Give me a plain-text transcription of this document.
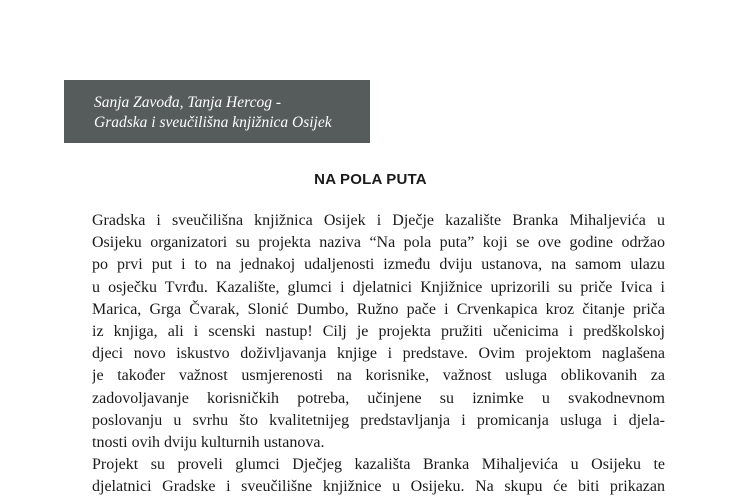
Sanja Zavođa, Tanja Hercog -
Gradska i sveučilišna knjižnica Osijek
NA POLA PUTA
Gradska i sveučilišna knjižnica Osijek i Dječje kazalište Branka Mihaljevića u
Osijeku organizatori su projekta naziva “Na pola puta” koji se ove godine održao
po prvi put i to na jednakoj udaljenosti između dviju ustanova, na samom ulazu
u osječku Tvrđu. Kazalište, glumci i djelatnici Knjižnice uprizorili su priče Ivica i
Marica, Grga Čvarak, Slonić Dumbo, Ružno pače i Crvenkapica kroz čitanje priča
iz knjiga, ali i scenski nastup! Cilj je projekta pružiti učenicima i predškolskoj
djeci novo iskustvo doživljavanja knjige i predstave. Ovim projektom naglašena
je također važnost usmjerenosti na korisnike, važnost usluga oblikovanih za
zadovoljavanje korisničkih potreba, učinjene su iznimke u svakodnevnom
poslovanju u svrhu što kvalitetnijeg predstavljanja i promicanja usluga i djela-
tnosti ovih dviju kulturnih ustanova.
Projekt su proveli glumci Dječjeg kazališta Branka Mihaljevića u Osijeku te
djelatnici Gradske i sveučilišne knjižnice u Osijeku. Na skupu će biti prikazan
